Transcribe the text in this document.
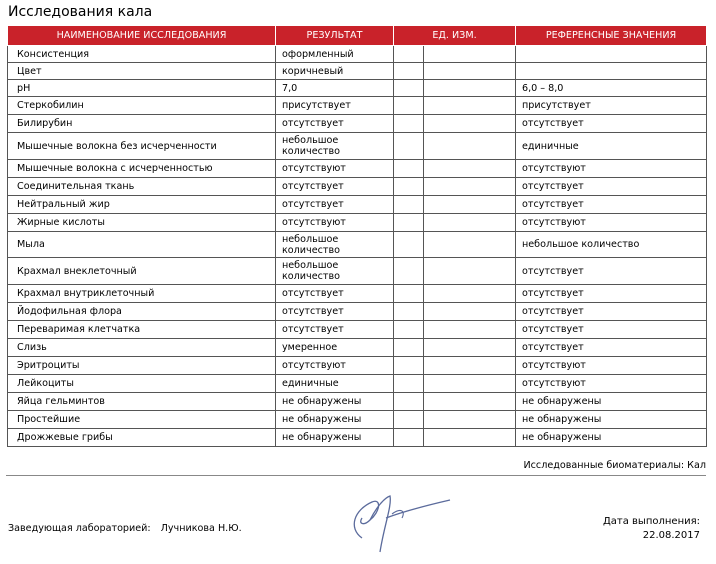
Исследования кала
НАИМЕНОВАНИЕ ИССЛЕДОВАНИЯ	РЕЗУЛЬТАТ	ЕД. ИЗМ.		РЕФЕРЕНСНЫЕ ЗНАЧЕНИЯ
Консистенция	оформленный			
Цвет	коричневый			
pH	7,0			6,0 – 8,0
Стеркобилин	присутствует			присутствует
Билирубин	отсутствует			отсутствует
Мышечные волокна без исчерченности	небольшое количество			единичные
Мышечные волокна с исчерченностью	отсутствуют			отсутствуют
Соединительная ткань	отсутствует			отсутствует
Нейтральный жир	отсутствует			отсутствует
Жирные кислоты	отсутствуют			отсутствуют
Мыла	небольшое количество			небольшое количество
Крахмал внеклеточный	небольшое количество			отсутствует
Крахмал внутриклеточный	отсутствует			отсутствует
Йодофильная флора	отсутствует			отсутствует
Переваримая клетчатка	отсутствует			отсутствует
Слизь	умеренное			отсутствует
Эритроциты	отсутствуют			отсутствуют
Лейкоциты	единичные			отсутствуют
Яйца гельминтов	не обнаружены			не обнаружены
Простейшие	не обнаружены			не обнаружены
Дрожжевые грибы	не обнаружены			не обнаружены
Исследованные биоматериалы: Кал
Заведующая лабораторией: Лучникова Н.Ю.
Дата выполнения:
22.08.2017
